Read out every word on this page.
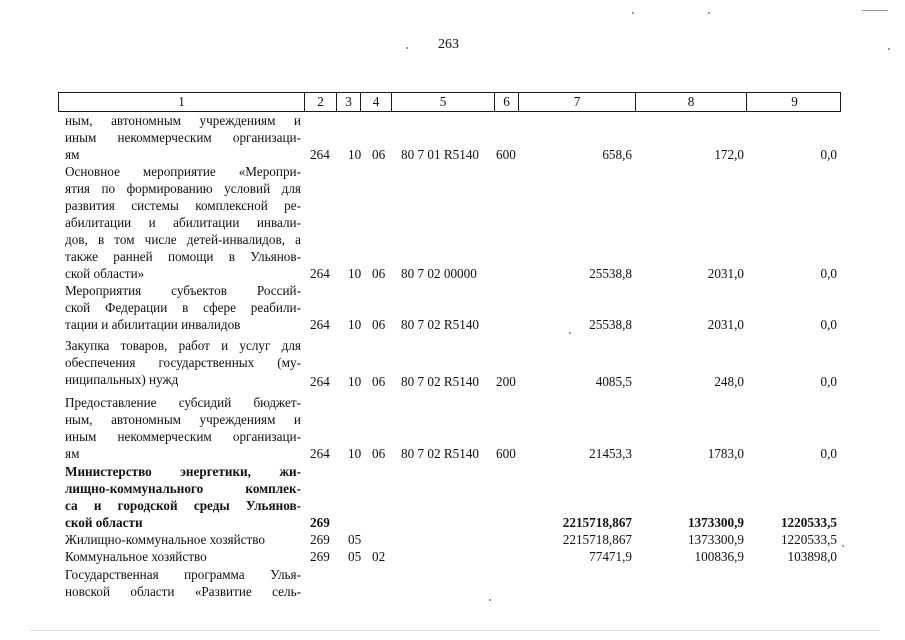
263
1	2	3	4	5	6	7	8	9
ным, автономным учреждениям и
иным некоммерческим организаци-
ям	264 10 06 80 7 01 R5140 600	658,6	172,0	0,0
Основное мероприятие «Меропри-
ятия по формированию условий для
развития системы комплексной ре-
абилитации и абилитации инвали-
дов, в том числе детей-инвалидов, а
также ранней помощи в Ульянов-
ской области»	264 10 06 80 7 02 00000	25538,8	2031,0	0,0
Мероприятия субъектов Россий-
ской Федерации в сфере реабили-
тации и абилитации инвалидов	264 10 06 80 7 02 R5140	25538,8	2031,0	0,0
Закупка товаров, работ и услуг для
обеспечения государственных (му-
ниципальных) нужд	264 10 06 80 7 02 R5140 200	4085,5	248,0	0,0
Предоставление субсидий бюджет-
ным, автономным учреждениям и
иным некоммерческим организаци-
ям	264 10 06 80 7 02 R5140 600	21453,3	1783,0	0,0
Министерство энергетики, жи-
лищно-коммунального комплек-
са и городской среды Ульянов-
ской области	269	2215718,867	1373300,9	1220533,5
Жилищно-коммунальное хозяйство	269 05	2215718,867	1373300,9	1220533,5
Коммунальное хозяйство	269 05 02	77471,9	100836,9	103898,0
Государственная программа Улья-
новской области «Развитие сель-
